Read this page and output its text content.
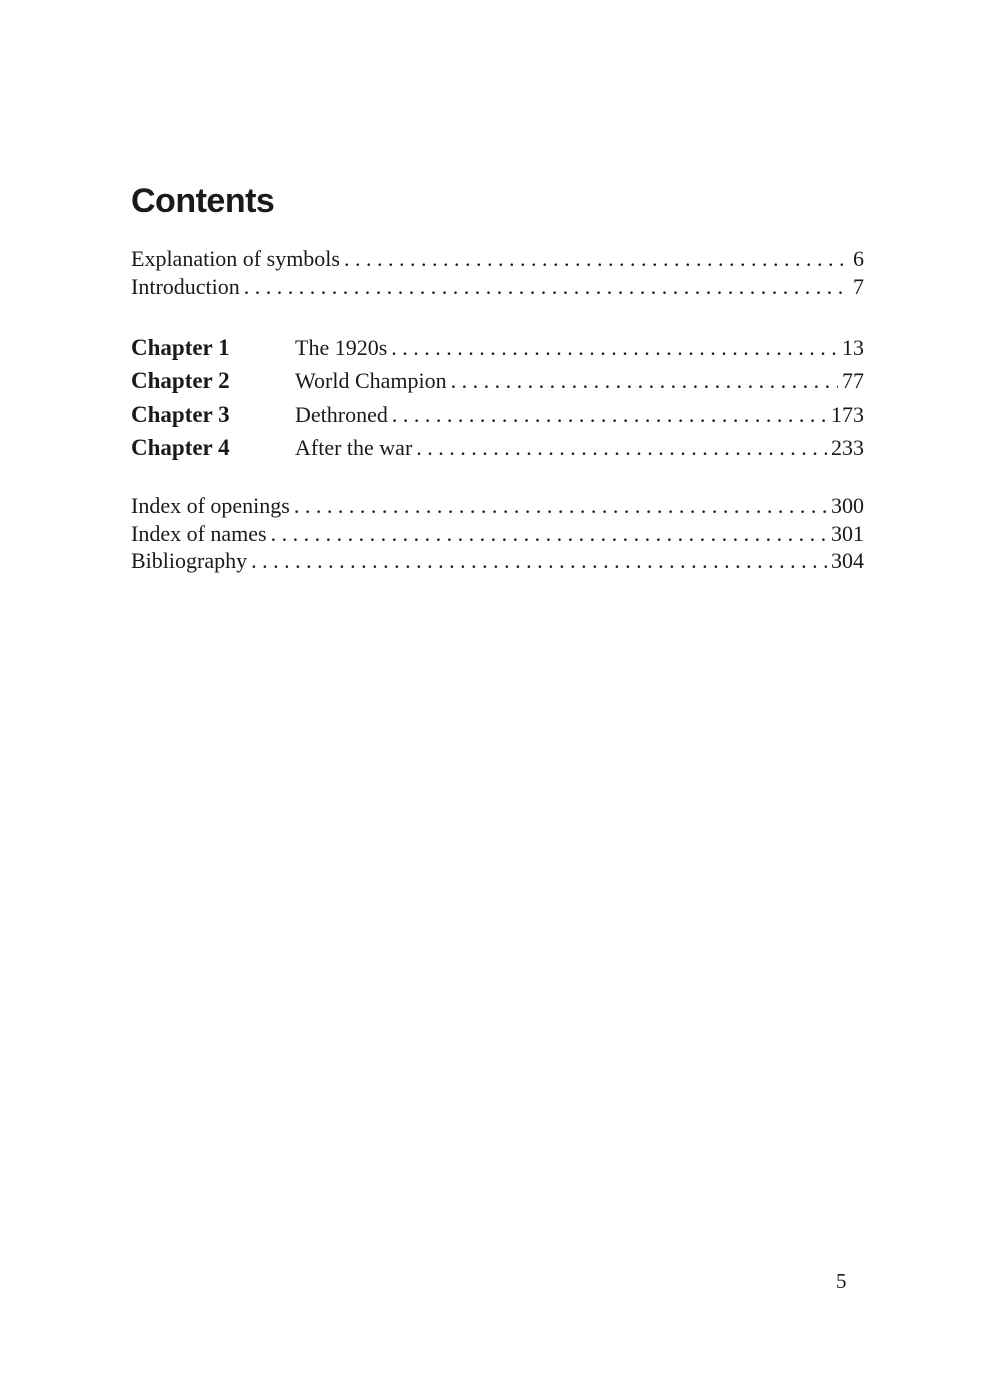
Contents
Explanation of symbols . . .	6
Introduction . . .	7
Chapter 1	The 1920s . . .	13
Chapter 2	World Champion . . .	77
Chapter 3	Dethroned . . .	173
Chapter 4	After the war . . .	233
Index of openings . . .	300
Index of names . . .	301
Bibliography . . .	304
5
